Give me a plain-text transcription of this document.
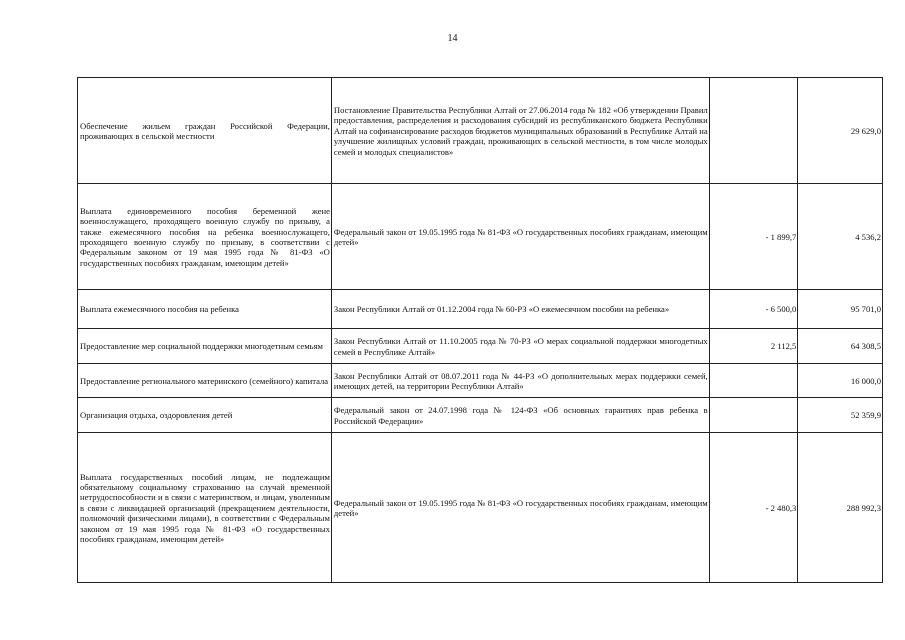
14
Обеспечение жильем граждан Российской Федерации, проживающих в сельской местности	Постановление Правительства Республики Алтай от 27.06.2014 года № 182 «Об утверждении Правил предоставления, распределения и расходования субсидий из республиканского бюджета Республики Алтай на софинансирование расходов бюджетов муниципальных образований в Республике Алтай на улучшение жилищных условий граждан, проживающих в сельской местности, в том числе молодых семей и молодых специалистов»		29 629,0
Выплата единовременного пособия беременной жене военнослужащего, проходящего военную службу по призыву, а также ежемесячного пособия на ребенка военнослужащего, проходящего военную службу по призыву, в соответствии с Федеральным законом от 19 мая 1995 года № 81-ФЗ «О государственных пособиях гражданам, имеющим детей»	Федеральный закон от 19.05.1995 года № 81-ФЗ «О государственных пособиях гражданам, имеющим детей»	- 1 899,7	4 536,2
Выплата ежемесячного пособия на ребенка	Закон Республики Алтай от 01.12.2004 года № 60-РЗ «О ежемесячном пособии на ребенка»	- 6 500,0	95 701,0
Предоставление мер социальной поддержки многодетным семьям	Закон Республики Алтай от 11.10.2005 года № 70-РЗ «О мерах социальной поддержки многодетных семей в Республике Алтай»	2 112,5	64 308,5
Предоставление регионального материнского (семейного) капитала	Закон Республики Алтай от 08.07.2011 года № 44-РЗ «О дополнительных мерах поддержки семей, имеющих детей, на территории Республики Алтай»		16 000,0
Организация отдыха, оздоровления детей	Федеральный закон от 24.07.1998 года № 124-ФЗ «Об основных гарантиях прав ребенка в Российской Федерации»		52 359,9
Выплата государственных пособий лицам, не подлежащим обязательному социальному страхованию на случай временной нетрудоспособности и в связи с материнством, и лицам, уволенным в связи с ликвидацией организаций (прекращением деятельности, полномочий физическими лицами), в соответствии с Федеральным законом от 19 мая 1995 года № 81-ФЗ «О государственных пособиях гражданам, имеющим детей»	Федеральный закон от 19.05.1995 года № 81-ФЗ «О государственных пособиях гражданам, имеющим детей»	- 2 480,3	288 992,3
